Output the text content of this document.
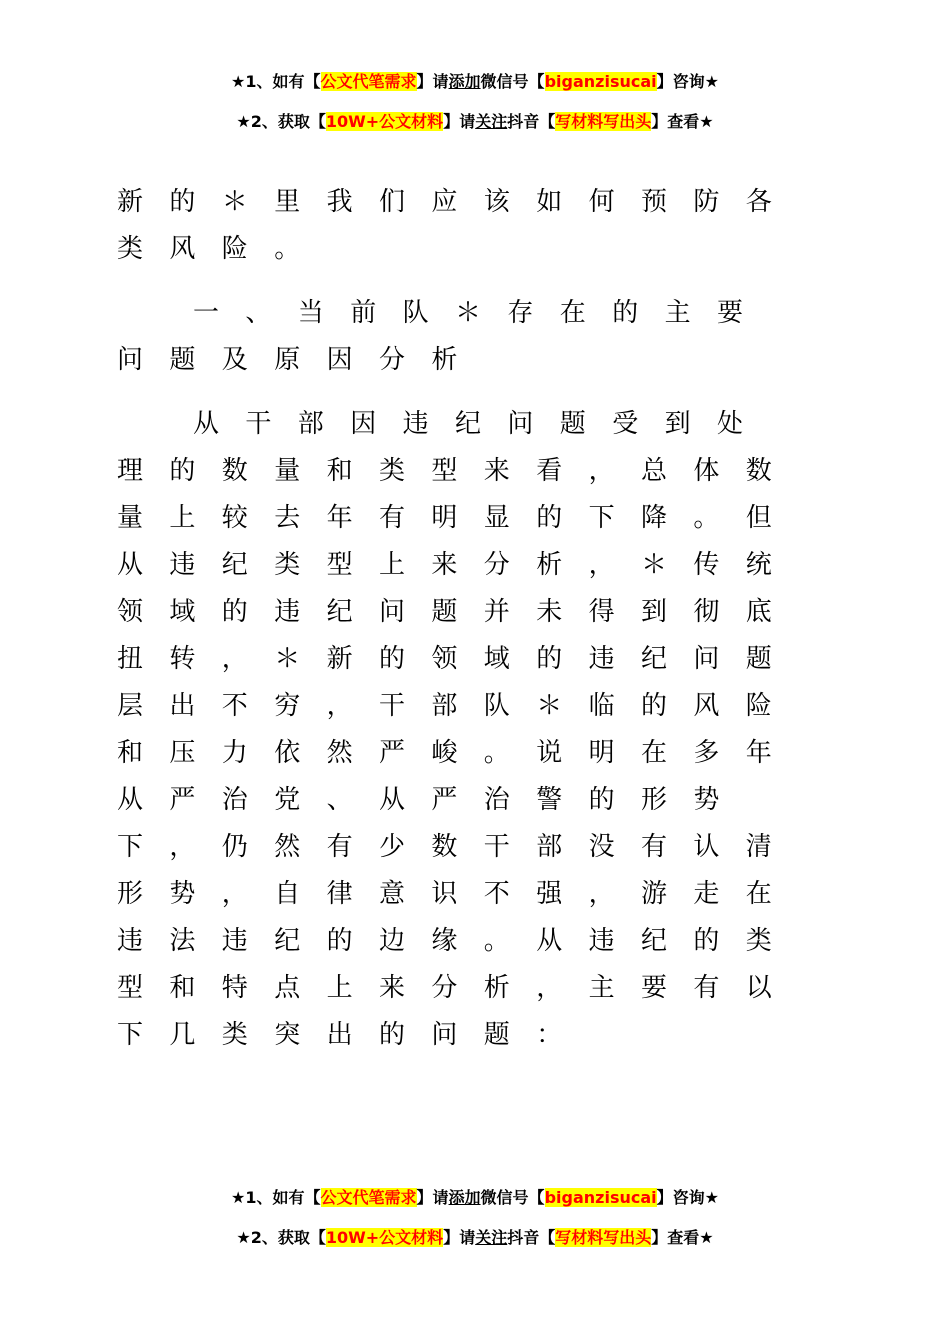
★1、如有【公文代笔需求】请添加微信号【biganzisucai】咨询★
★2、获取【10W+公文材料】请关注抖音【写材料写出头】查看★

新的＊里我们应该如何预防各类风险。

一、当前队＊存在的主要问题及原因分析

从干部因违纪问题受到处理的数量和类型来看，总体数量上较去年有明显的下降。但从违纪类型上来分析，＊传统领域的违纪问题并未得到彻底扭转，＊新的领域的违纪问题层出不穷，干部队＊临的风险和压力依然严峻。说明在多年从严治党、从严治警的形势下，仍然有少数干部没有认清形势，自律意识不强，游走在违法违纪的边缘。从违纪的类型和特点上来分析，主要有以下几类突出的问题：

★1、如有【公文代笔需求】请添加微信号【biganzisucai】咨询★
★2、获取【10W+公文材料】请关注抖音【写材料写出头】查看★
